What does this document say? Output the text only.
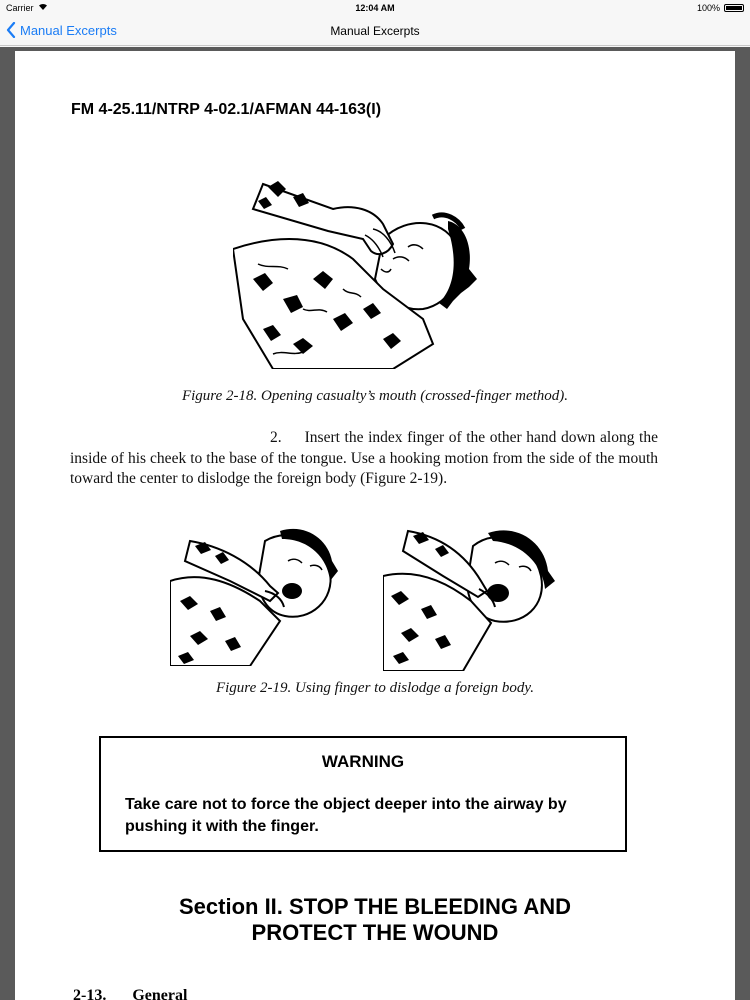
Carrier	12:04 AM	100%
Manual Excerpts	Manual Excerpts
FM 4-25.11/NTRP 4-02.1/AFMAN 44-163(I)
Figure 2-18. Opening casualty’s mouth (crossed-finger method).
2. Insert the index finger of the other hand down along the inside of his cheek to the base of the tongue. Use a hooking motion from the side of the mouth toward the center to dislodge the foreign body (Figure 2-19).
Figure 2-19. Using finger to dislodge a foreign body.
WARNING
Take care not to force the object deeper into the airway by pushing it with the finger.
Section II. STOP THE BLEEDING AND
PROTECT THE WOUND
2-13. General
